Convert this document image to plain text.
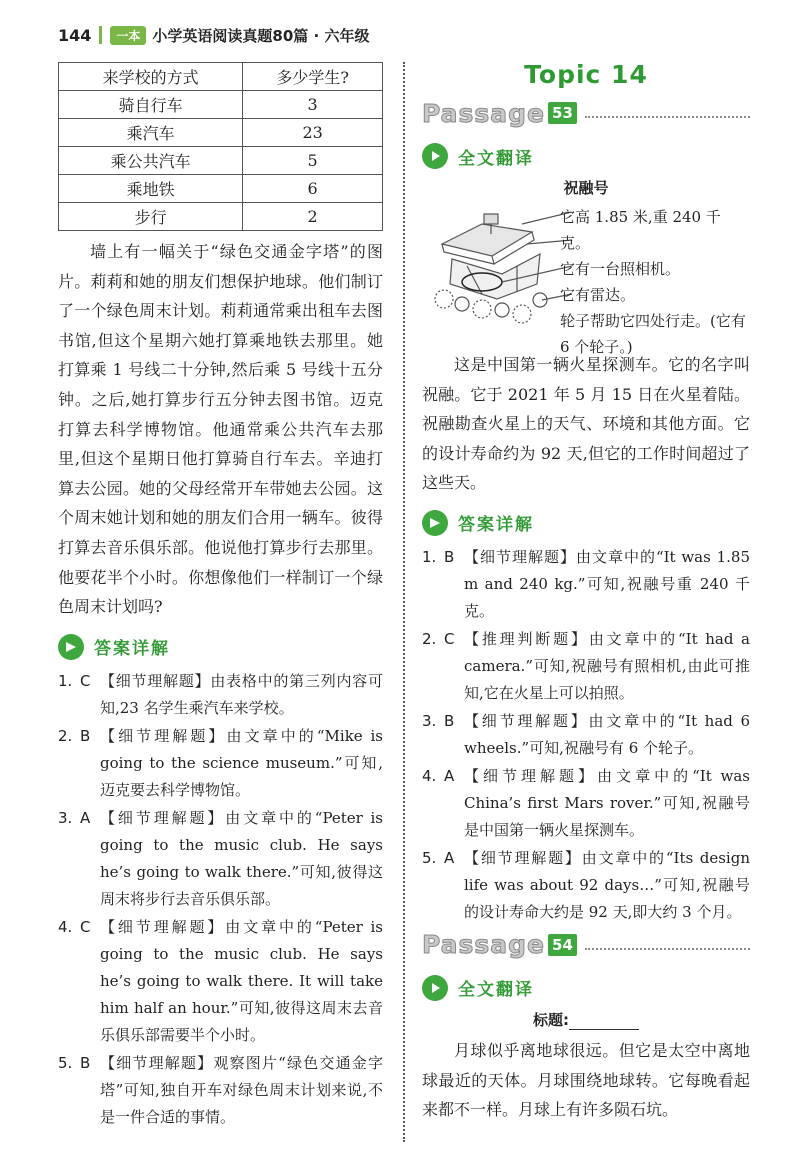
144	一本 小学英语阅读真题80篇 · 六年级
来学校的方式	多少学生?
骑自行车	3
乘汽车	23
乘公共汽车	5
乘地铁	6
步行	2

墙上有一幅关于“绿色交通金字塔”的图片。莉莉和她的朋友们想保护地球。他们制订了一个绿色周末计划。莉莉通常乘出租车去图书馆,但这个星期六她打算乘地铁去那里。她打算乘 1 号线二十分钟,然后乘 5 号线十五分钟。之后,她打算步行五分钟去图书馆。迈克打算去科学博物馆。他通常乘公共汽车去那里,但这个星期日他打算骑自行车去。辛迪打算去公园。她的父母经常开车带她去公园。这个周末她计划和她的朋友们合用一辆车。彼得打算去音乐俱乐部。他说他打算步行去那里。他要花半个小时。你想像他们一样制订一个绿色周末计划吗?

答案详解
1. C 【细节理解题】由表格中的第三列内容可知,23 名学生乘汽车来学校。
2. B 【细节理解题】由文章中的“Mike is going to the science museum.”可知,迈克要去科学博物馆。
3. A 【细节理解题】由文章中的“Peter is going to the music club. He says he’s going to walk there.”可知,彼得这周末将步行去音乐俱乐部。
4. C 【细节理解题】由文章中的“Peter is going to the music club. He says he’s going to walk there. It will take him half an hour.”可知,彼得这周末去音乐俱乐部需要半个小时。
5. B 【细节理解题】观察图片“绿色交通金字塔”可知,独自开车对绿色周末计划来说,不是一件合适的事情。
Topic 14
Passage 53
全文翻译
祝融号
它高 1.85 米,重 240 千克。
它有一台照相机。
它有雷达。
轮子帮助它四处行走。(它有 6 个轮子。)

这是中国第一辆火星探测车。它的名字叫祝融。它于 2021 年 5 月 15 日在火星着陆。祝融勘查火星上的天气、环境和其他方面。它的设计寿命约为 92 天,但它的工作时间超过了这些天。

答案详解
1. B 【细节理解题】由文章中的“It was 1.85 m and 240 kg.”可知,祝融号重 240 千克。
2. C 【推理判断题】由文章中的“It had a camera.”可知,祝融号有照相机,由此可推知,它在火星上可以拍照。
3. B 【细节理解题】由文章中的“It had 6 wheels.”可知,祝融号有 6 个轮子。
4. A 【细节理解题】由文章中的“It was China’s first Mars rover.”可知,祝融号是中国第一辆火星探测车。
5. A 【细节理解题】由文章中的“Its design life was about 92 days…”可知,祝融号的设计寿命大约是 92 天,即大约 3 个月。
Passage 54
全文翻译
标题:

月球似乎离地球很远。但它是太空中离地球最近的天体。月球围绕地球转。它每晚看起来都不一样。月球上有许多陨石坑。
